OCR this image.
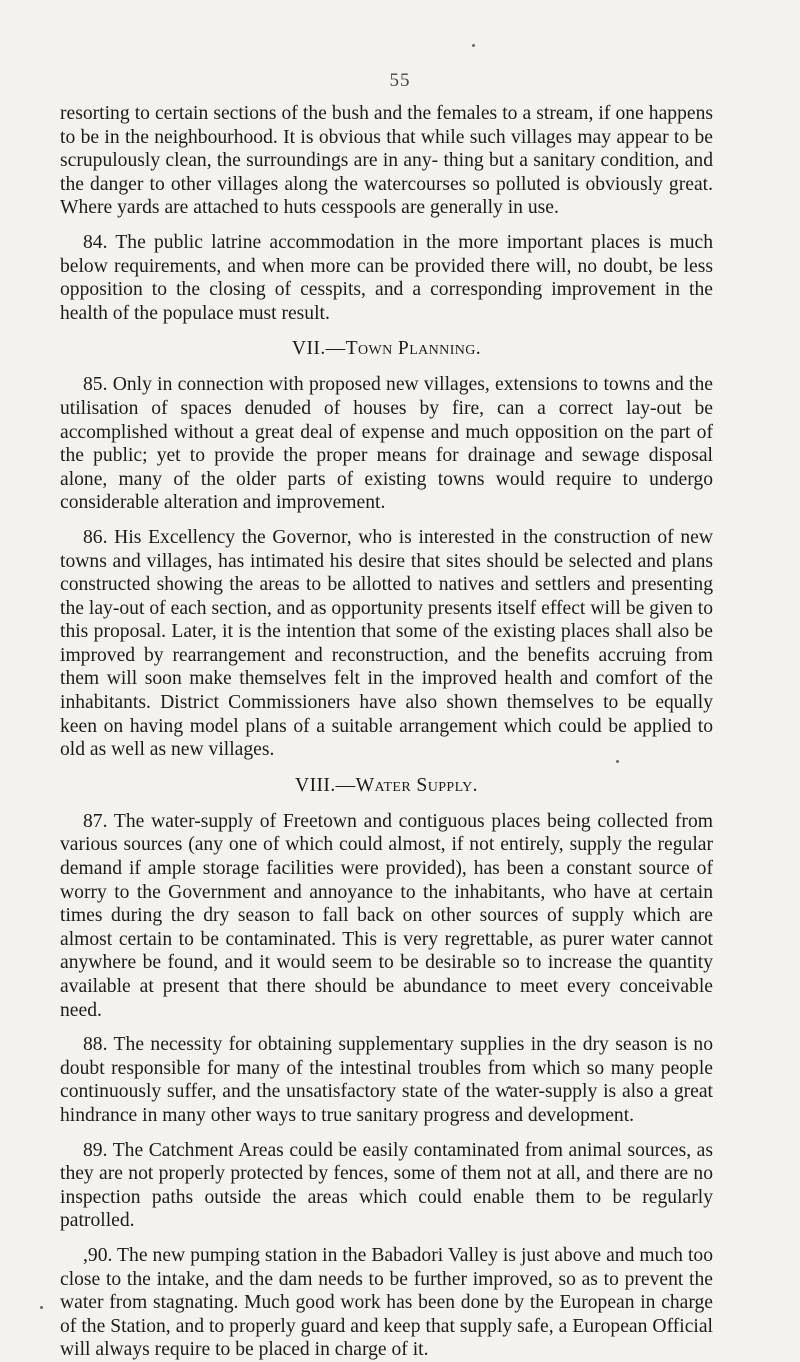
55

resorting to certain sections of the bush and the females to a stream, if one happens to be in the neighbourhood. It is obvious that while such villages may appear to be scrupulously clean, the surroundings are in any- thing but a sanitary condition, and the danger to other villages along the watercourses so polluted is obviously great. Where yards are attached to huts cesspools are generally in use.

84. The public latrine accommodation in the more important places is much below requirements, and when more can be provided there will, no doubt, be less opposition to the closing of cesspits, and a corresponding improvement in the health of the populace must result.

VII.—Town Planning.

85. Only in connection with proposed new villages, extensions to towns and the utilisation of spaces denuded of houses by fire, can a correct lay-out be accomplished without a great deal of expense and much opposition on the part of the public; yet to provide the proper means for drainage and sewage disposal alone, many of the older parts of existing towns would require to undergo considerable alteration and improvement.

86. His Excellency the Governor, who is interested in the construction of new towns and villages, has intimated his desire that sites should be selected and plans constructed showing the areas to be allotted to natives and settlers and presenting the lay-out of each section, and as opportunity presents itself effect will be given to this proposal. Later, it is the intention that some of the existing places shall also be improved by rearrangement and reconstruction, and the benefits accruing from them will soon make themselves felt in the improved health and comfort of the inhabitants. District Commissioners have also shown themselves to be equally keen on having model plans of a suitable arrangement which could be applied to old as well as new villages.

VIII.—Water Supply.

87. The water-supply of Freetown and contiguous places being collected from various sources (any one of which could almost, if not entirely, supply the regular demand if ample storage facilities were provided), has been a constant source of worry to the Government and annoyance to the inhabitants, who have at certain times during the dry season to fall back on other sources of supply which are almost certain to be contaminated. This is very regrettable, as purer water cannot anywhere be found, and it would seem to be desirable so to increase the quantity available at present that there should be abundance to meet every conceivable need.

88. The necessity for obtaining supplementary supplies in the dry season is no doubt responsible for many of the intestinal troubles from which so many people continuously suffer, and the unsatisfactory state of the water-supply is also a great hindrance in many other ways to true sanitary progress and development.

89. The Catchment Areas could be easily contaminated from animal sources, as they are not properly protected by fences, some of them not at all, and there are no inspection paths outside the areas which could enable them to be regularly patrolled.

,90. The new pumping station in the Babadori Valley is just above and much too close to the intake, and the dam needs to be further improved, so as to prevent the water from stagnating. Much good work has been done by the European in charge of the Station, and to properly guard and keep that supply safe, a European Official will always require to be placed in charge of it.
